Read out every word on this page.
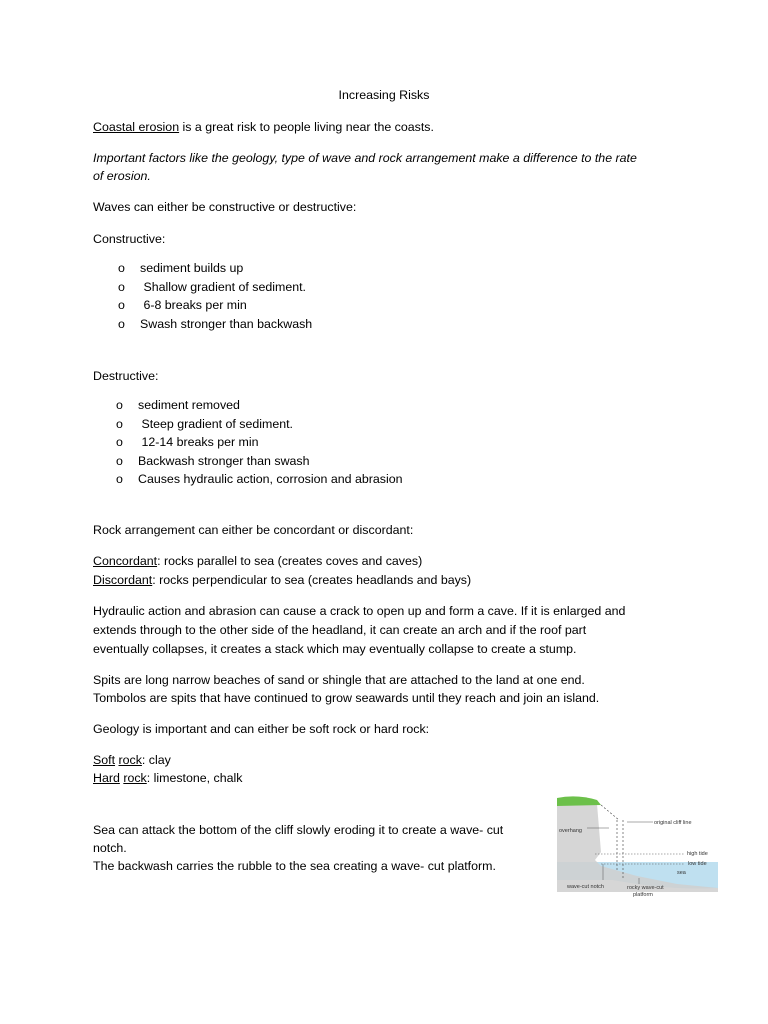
Increasing Risks
Coastal erosion is a great risk to people living near the coasts.
Important factors like the geology, type of wave and rock arrangement make a difference to the rate
of erosion.
Waves can either be constructive or destructive:
Constructive:
o sediment builds up
o Shallow gradient of sediment.
o 6-8 breaks per min
o Swash stronger than backwash
Destructive:
o sediment removed
o Steep gradient of sediment.
o 12-14 breaks per min
o Backwash stronger than swash
o Causes hydraulic action, corrosion and abrasion
Rock arrangement can either be concordant or discordant:
Concordant: rocks parallel to sea (creates coves and caves)
Discordant: rocks perpendicular to sea (creates headlands and bays)
Hydraulic action and abrasion can cause a crack to open up and form a cave. If it is enlarged and
extends through to the other side of the headland, it can create an arch and if the roof part
eventually collapses, it creates a stack which may eventually collapse to create a stump.
Spits are long narrow beaches of sand or shingle that are attached to the land at one end.
Tombolos are spits that have continued to grow seawards until they reach and join an island.
Geology is important and can either be soft rock or hard rock:
Soft rock: clay
Hard rock: limestone, chalk
Sea can attack the bottom of the cliff slowly eroding it to create a wave- cut
notch.
The backwash carries the rubble to the sea creating a wave- cut platform.
original cliff line
overhang
high tide
low tide
sea
wave-cut notch	rocky wave-cut
platform
